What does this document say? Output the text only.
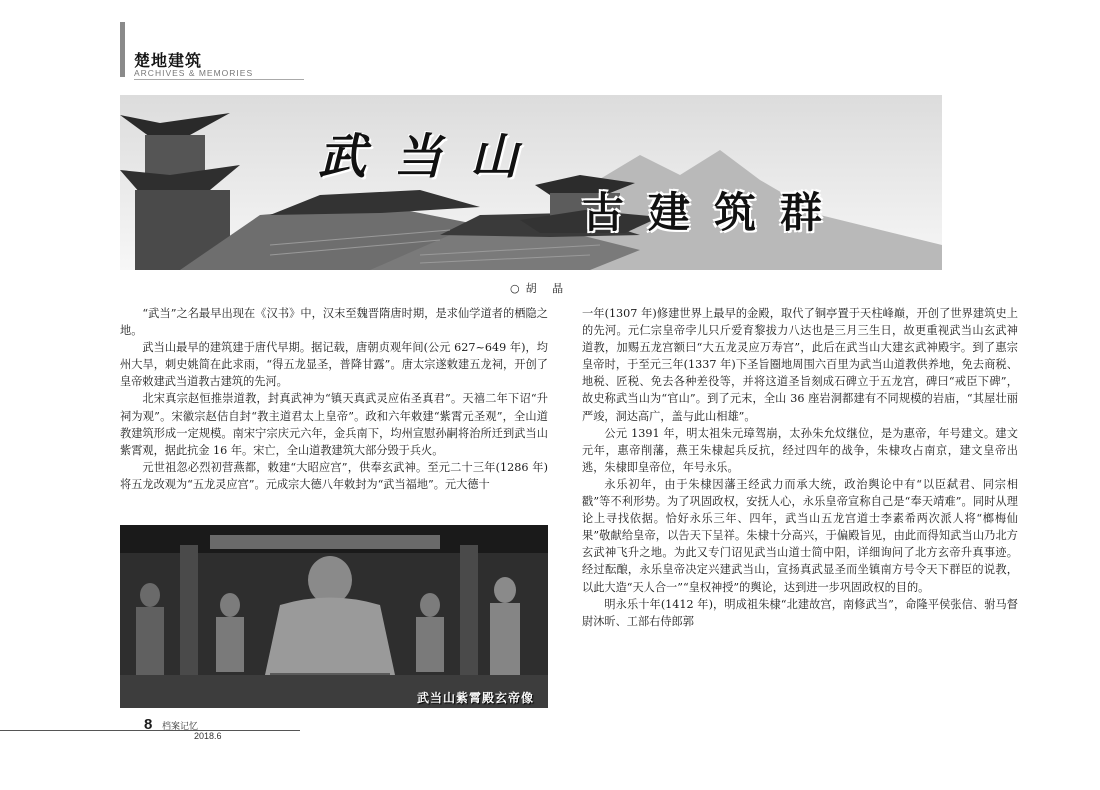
楚地建筑
ARCHIVES & MEMORIES
武当山
古建筑群
○胡 晶

“武当”之名最早出现在《汉书》中，汉末至魏晋隋唐时期，是求仙学道者的栖隐之地。

武当山最早的建筑建于唐代早期。据记载，唐朝贞观年间(公元 627~649 年)，均州大旱，刺史姚简在此求雨，“得五龙显圣，普降甘露”。唐太宗遂敕建五龙祠，开创了皇帝敕建武当道教古建筑的先河。

北宋真宗赵恒推崇道教，封真武神为“镇天真武灵应佑圣真君”。天禧二年下诏“升祠为观”。宋徽宗赵佶自封“教主道君太上皇帝”。政和六年敕建“紫霄元圣观”，全山道教建筑形成一定规模。南宋宁宗庆元六年，金兵南下，均州宣慰孙嗣将治所迁到武当山紫霄观，据此抗金 16 年。宋亡，全山道教建筑大部分毁于兵火。

元世祖忽必烈初营燕都，敕建“大昭应宫”，供奉玄武神。至元二十三年(1286 年)将五龙改观为“五龙灵应宫”。元成宗大德八年敕封为“武当福地”。元大德十

武当山紫霄殿玄帝像

一年(1307 年)修建世界上最早的金殿，取代了铜亭置于天柱峰巅，开创了世界建筑史上的先河。元仁宗皇帝孛儿只斤爱育黎拔力八达也是三月三生日，故更重视武当山玄武神道教，加赐五龙宫额曰“大五龙灵应万寿宫”，此后在武当山大建玄武神殿宇。到了惠宗皇帝时，于至元三年(1337 年)下圣旨圈地周围六百里为武当山道教供养地，免去商税、地税、匠税、免去各种差役等，并将这道圣旨刻成石碑立于五龙宫，碑曰“戒臣下碑”，故史称武当山为“官山”。到了元末，全山 36 座岩洞都建有不同规模的岩庙，“其屋壮丽严竣，洞达高广，盖与此山相雄”。

公元 1391 年，明太祖朱元璋驾崩，太孙朱允炆继位，是为惠帝，年号建文。建文元年，惠帝削藩，燕王朱棣起兵反抗，经过四年的战争，朱棣攻占南京，建文皇帝出逃，朱棣即皇帝位，年号永乐。

永乐初年，由于朱棣因藩王经武力而承大统，政治舆论中有“以臣弑君、同宗相戳”等不利形势。为了巩固政权，安抚人心，永乐皇帝宣称自己是“奉天靖难”。同时从理论上寻找依据。恰好永乐三年、四年，武当山五龙宫道士李素希两次派人将“榔梅仙果”敬献给皇帝，以告天下呈祥。朱棣十分高兴，于偏殿旨见，由此而得知武当山乃北方玄武神飞升之地。为此又专门诏见武当山道士简中阳，详细询问了北方玄帝升真事迹。经过酝酿，永乐皇帝决定兴建武当山，宣扬真武显圣而坐镇南方号令天下群臣的说教，以此大造“天人合一”“皇权神授”的舆论，达到进一步巩固政权的目的。

明永乐十年(1412 年)，明成祖朱棣“北建故宫，南修武当”，命隆平侯张信、驸马督尉沐昕、工部右侍郎郭

8 档案记忆
2018.6
